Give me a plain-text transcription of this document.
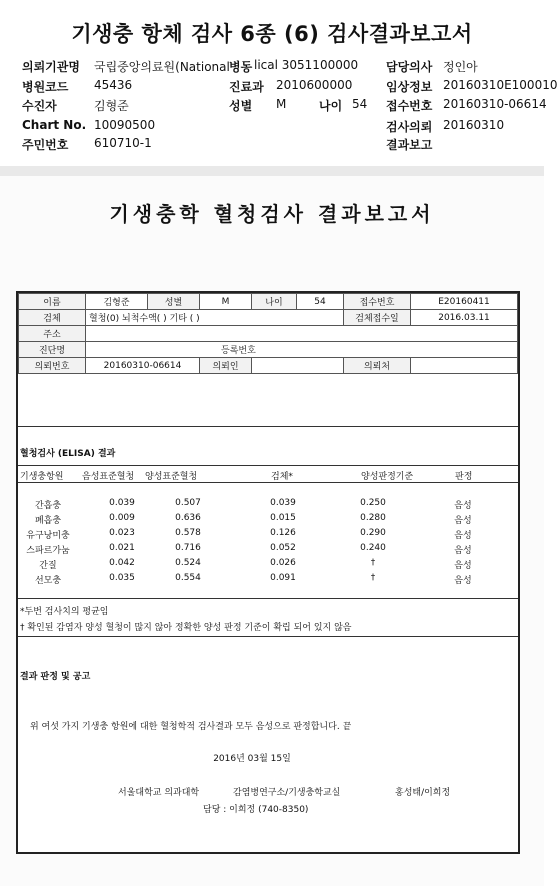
기생충 항체 검사 6종 (6) 검사결과보고서
의뢰기관명 국립중앙의료원(National 병동 lical 3051100000 담당의사 정인아
병원코드 45436	진료과 2010600000	임상정보 20160310E100010
수진자	김형준	성별 M	나이 54 접수번호 20160310-06614
Chart No. 10090500	검사의뢰 20160310
주민번호 610710-1	결과보고
기생충학 혈청검사 결과보고서
이름	김형준	성별	M	나이	54	접수번호	E20160411
검체	혈청(0) 뇌척수액( ) 기타 ( )					검체접수일	2016.03.11
주소							
진단명	등록번호						
의뢰번호	20160310-06614		의뢰인			의뢰처	
혈청검사 (ELISA) 결과
기생충항원 음성표준혈청 양성표준혈청	검체*	양성판정기준	판정
간흡충	0.039	0.507	0.039	0.250	음성
폐흡충	0.009	0.636	0.015	0.280	음성
유구낭미충	0.023	0.578	0.126	0.290	음성
스파르가눔	0.021	0.716	0.052	0.240	음성
간질	0.042	0.524	0.026	†	음성
선모충	0.035	0.554	0.091	†	음성
*두번 검사치의 평균임
† 확인된 감염자 양성 혈청이 많지 않아 정확한 양성 판정 기준이 확립 되어 있지 않음
결과 판정 및 공고
위 여섯 가지 기생충 항원에 대한 혈청학적 검사결과 모두 음성으로 판정합니다. 끝
2016년 03월 15일
서울대학교 의과대학	감염병연구소/기생충학교실	홍성태/이희정
담당 : 이희정 (740-8350)
